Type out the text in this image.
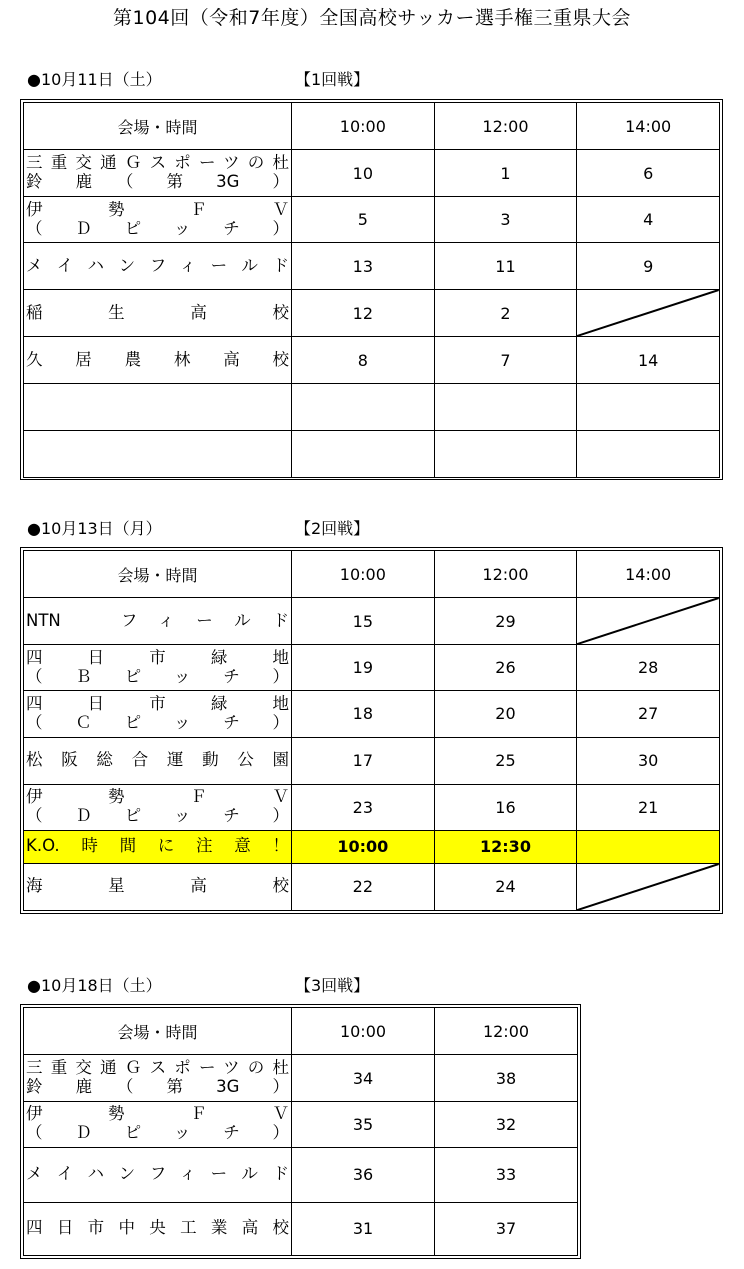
第104回（令和7年度）全国高校サッカー選手権三重県大会
●10月11日（土）	【1回戦】
会場・時間	10:00	12:00	14:00

三重交通Ｇスポーツの杜
鈴　鹿　（　第　3G　）	10	1	6

伊　勢　Ｆ　Ｖ
（　Ｄ　ピ　ッ　チ　）	5	3	4

メイハンフィールド	13	11	9

稲　生　高　校	12	2	

久居農林高校	8	7	14

●10月13日（月）	【2回戦】
会場・時間	10:00	12:00	14:00

NTN　フィールド	15	29	

四　日　市　緑　地
（　Ｂ　ピ　ッ　チ　）	19	26	28

四　日　市　緑　地
（　Ｃ　ピ　ッ　チ　）	18	20	27

松阪総合運動公園	17	25	30

伊　勢　Ｆ　Ｖ
（　Ｄ　ピ　ッ　チ　）	23	16	21

K.O.　時　間　に　注　意　！	10:00	12:30	

海　星　高　校	22	24	
●10月18日（土）	【3回戦】
会場・時間	10:00	12:00

三重交通Ｇスポーツの杜
鈴　鹿　（　第　3G　）	34	38

伊　勢　Ｆ　Ｖ
（　Ｄ　ピ　ッ　チ　）	35	32

メイハンフィールド	36	33

四日市中央工業高校	31	37
